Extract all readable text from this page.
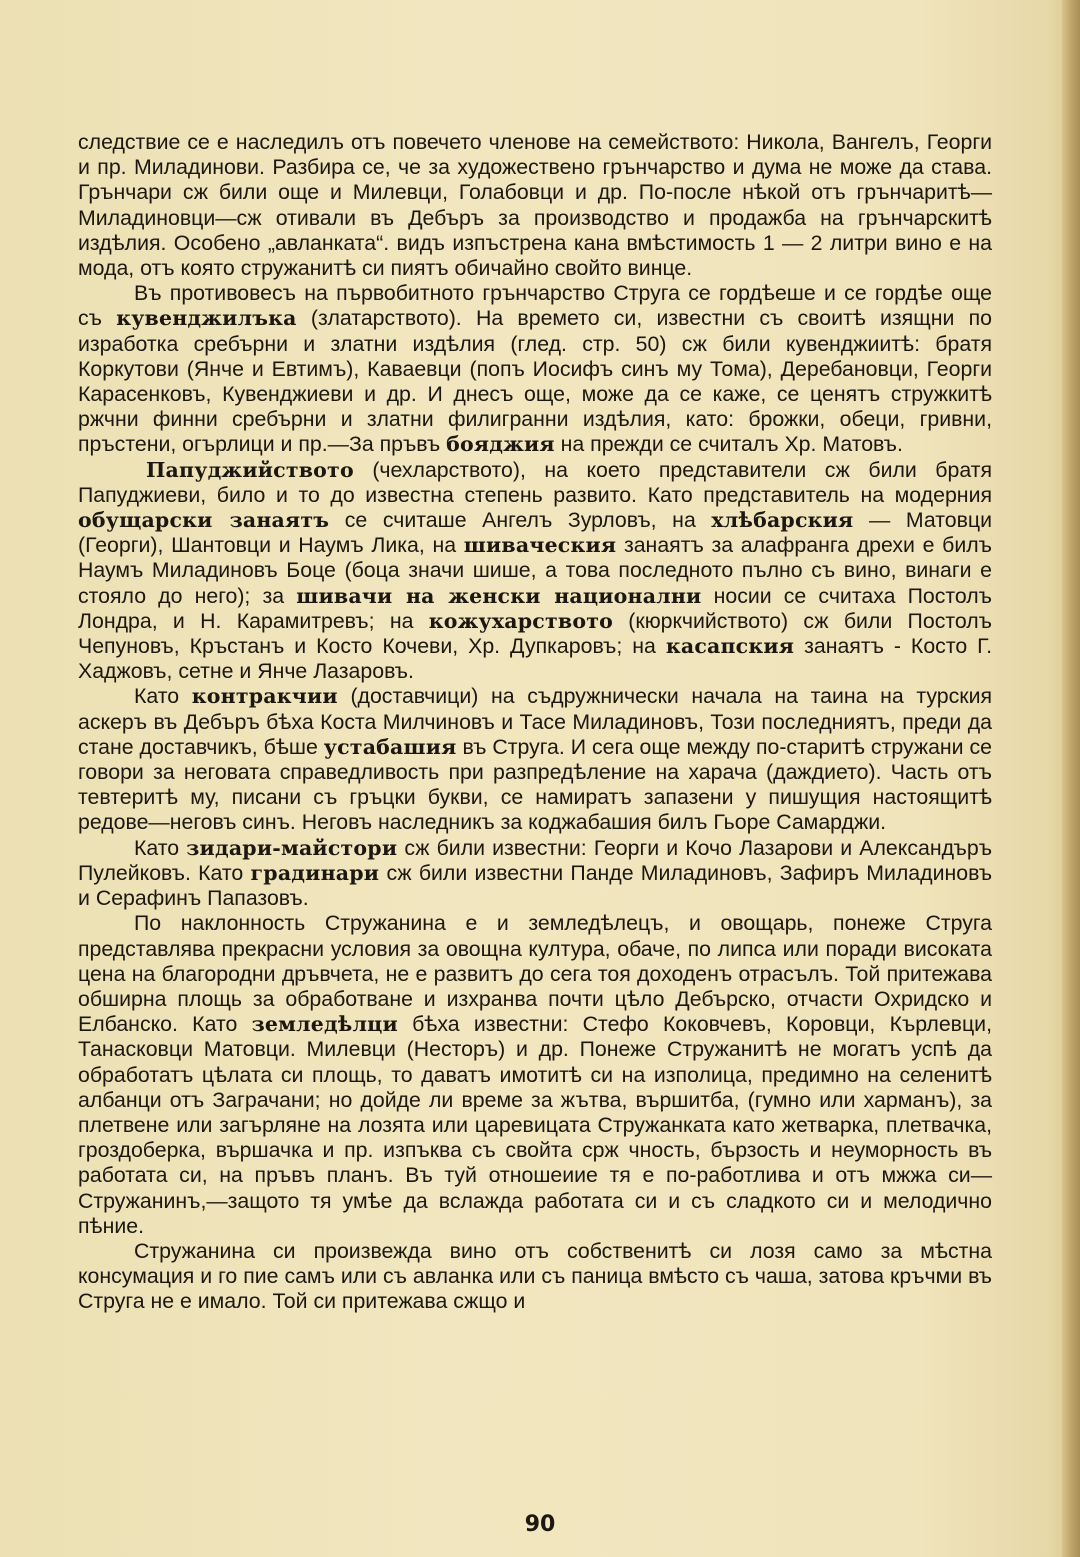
следствие се е наследилъ отъ повечето членове на семейството: Никола, Вангелъ, Георги и пр. Миладинови. Разбира се, че за художествено грънчарство и дума не може да става. Грънчари сж били още и Милевци, Голабовци и др. По-после нѣкой отъ грънчаритѣ—Миладиновци—сж отивали въ Дебъръ за производство и продажба на грънчарскитѣ издѣлия. Особено „авланката“. видъ изпъстрена кана вмѣстимость 1 — 2 литри вино е на мода, отъ която стружанитѣ си пиятъ обичайно свойто винце.

Въ противовесъ на първобитното грънчарство Струга се гордѣеше и се гордѣе още съ кувенджилъка (златарството). На времето си, известни съ своитѣ изящни по изработка сребърни и златни издѣлия (глед. стр. 50) сж били кувенджиитѣ: братя Коркутови (Янче и Евтимъ), Каваевци (попъ Иосифъ синъ му Тома), Деребановци, Георги Карасенковъ, Кувенджиеви и др. И днесъ още, може да се каже, се ценятъ стружкитѣ ржчни финни сребърни и златни филигранни издѣлия, като: брожки, обеци, гривни, пръстени, огърлици и пр.—За пръвъ бояджия на прежди се считалъ Хр. Матовъ.

Папуджийството (чехларството), на което представители сж били братя Папуджиеви, било и то до известна степень развито. Като представитель на модерния обущарски занаятъ се считаше Ангелъ Зурловъ, на хлѣбарския — Матовци (Георги), Шантовци и Наумъ Лика, на шивaческия занаятъ за алафранга дрехи е билъ Наумъ Миладиновъ Боце (боца значи шише, а това последното пълно съ вино, винаги е стояло до него); за шивачи на женски национални носии се считаха Постолъ Лондра, и Н. Карамитревъ; на кожухарството (кюркчийството) сж били Постолъ Чепуновъ, Кръстанъ и Косто Кочеви, Хр. Дупкаровъ; на касапския занаятъ - Косто Г. Хаджовъ, сетне и Янче Лазаровъ.

Като контракчии (доставчици) на съдружнически начала на таина на турския аскеръ въ Дебъръ бѣха Коста Милчиновъ и Тасе Миладиновъ, Този последниятъ, преди да стане доставчикъ, бѣше устабашия въ Струга. И сега още между по-старитѣ стружани се говори за неговата справедливость при разпредѣление на харача (даждието). Часть отъ тевтеритѣ му, писани съ гръцки букви, се намиратъ запазени у пишущия настоящитѣ редове—неговъ синъ. Неговъ наследникъ за коджабашия билъ Гьоре Самарджи.

Като зидари-майстори сж били известни: Георги и Кочо Лазарови и Александъръ Пулейковъ. Като градинари сж били известни Панде Миладиновъ, Зафиръ Миладиновъ и Серафинъ Папазовъ.

По наклонность Стружанина е и земледѣлецъ, и овощарь, понеже Струга представлява прекрасни условия за овощна култура, обаче, по липса или поради високата цена на благородни дръвчета, не е развитъ до сега тоя доходенъ отрасълъ. Той притежава обширна площь за обработване и изхранва почти цѣло Дебърско, отчасти Охридско и Елбанско. Като земледѣлци бѣха известни: Стефо Коковчевъ, Коровци, Кърлевци, Танасковци Матовци. Милевци (Несторъ) и др. Понеже Стружанитѣ не могатъ успѣ да обработатъ цѣлата си площь, то даватъ имотитѣ си на изполица, предимно на селенитѣ албанци отъ Заграчани; но дойде ли време за жътва, вършитба, (гумно или харманъ), за плетвене или загърляне на лозята или царевицата Стружанката като жетварка, плетвачка, гроздоберка, вършачка и пр. изпъква съ свойта срж чность, бързость и неуморность въ работата си, на пръвъ планъ. Въ туй отношеиие тя е по-работлива и отъ мжжа си—Стружанинъ,—защото тя умѣе да вслажда работата си и съ сладкото си и мелодично пѣние.

Стружанина си произвежда вино отъ собственитѣ си лозя само за мѣстна консумация и го пие самъ или съ авланка или съ паница вмѣсто съ чаша, затова кръчми въ Струга не е имало. Той си притежава сжщо и

90
